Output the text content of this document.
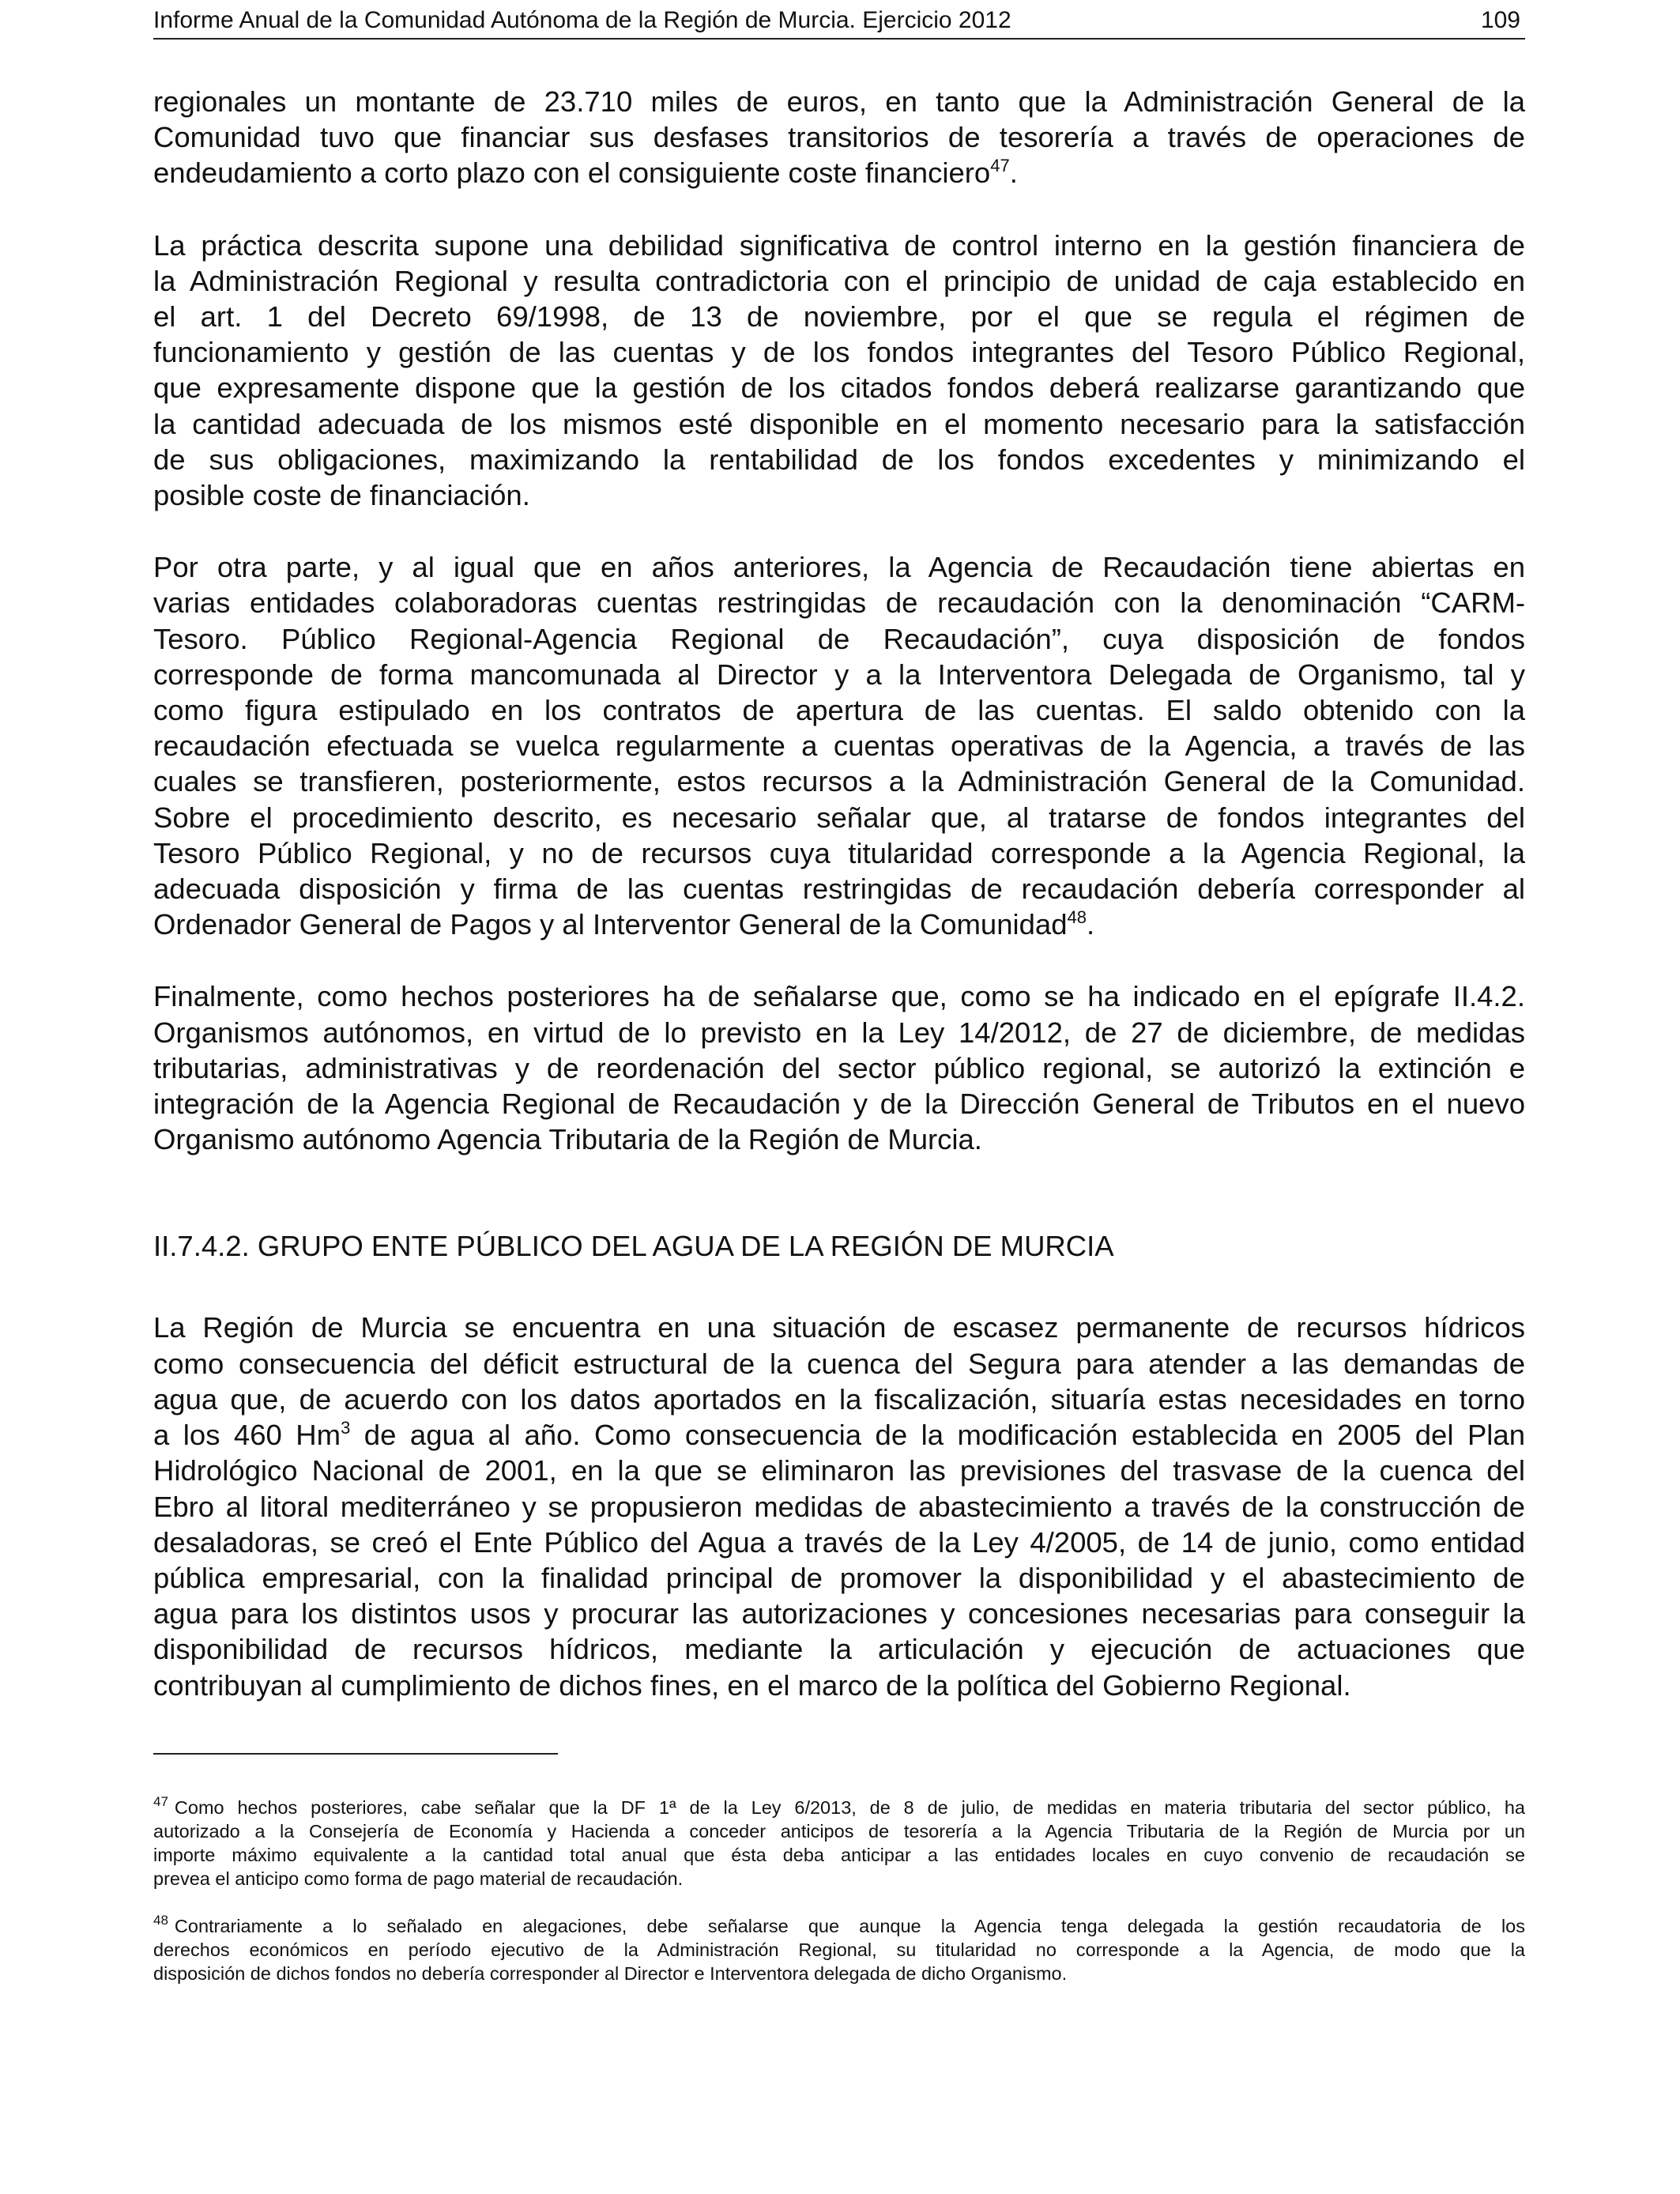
Informe Anual de la Comunidad Autónoma de la Región de Murcia. Ejercicio 2012	109
regionales un montante de 23.710 miles de euros, en tanto que la Administración General de la
Comunidad tuvo que financiar sus desfases transitorios de tesorería a través de operaciones de
endeudamiento a corto plazo con el consiguiente coste financiero$^{47}$.
La práctica descrita supone una debilidad significativa de control interno en la gestión financiera de
la Administración Regional y resulta contradictoria con el principio de unidad de caja establecido en
el art. 1 del Decreto 69/1998, de 13 de noviembre, por el que se regula el régimen de
funcionamiento y gestión de las cuentas y de los fondos integrantes del Tesoro Público Regional,
que expresamente dispone que la gestión de los citados fondos deberá realizarse garantizando que
la cantidad adecuada de los mismos esté disponible en el momento necesario para la satisfacción
de sus obligaciones, maximizando la rentabilidad de los fondos excedentes y minimizando el
posible coste de financiación.
Por otra parte, y al igual que en años anteriores, la Agencia de Recaudación tiene abiertas en
varias entidades colaboradoras cuentas restringidas de recaudación con la denominación “CARM-
Tesoro. Público Regional-Agencia Regional de Recaudación”, cuya disposición de fondos
corresponde de forma mancomunada al Director y a la Interventora Delegada de Organismo, tal y
como figura estipulado en los contratos de apertura de las cuentas. El saldo obtenido con la
recaudación efectuada se vuelca regularmente a cuentas operativas de la Agencia, a través de las
cuales se transfieren, posteriormente, estos recursos a la Administración General de la Comunidad.
Sobre el procedimiento descrito, es necesario señalar que, al tratarse de fondos integrantes del
Tesoro Público Regional, y no de recursos cuya titularidad corresponde a la Agencia Regional, la
adecuada disposición y firma de las cuentas restringidas de recaudación debería corresponder al
Ordenador General de Pagos y al Interventor General de la Comunidad$^{48}$.
Finalmente, como hechos posteriores ha de señalarse que, como se ha indicado en el epígrafe II.4.2.
Organismos autónomos, en virtud de lo previsto en la Ley 14/2012, de 27 de diciembre, de medidas
tributarias, administrativas y de reordenación del sector público regional, se autorizó la extinción e
integración de la Agencia Regional de Recaudación y de la Dirección General de Tributos en el nuevo
Organismo autónomo Agencia Tributaria de la Región de Murcia.
II.7.4.2. GRUPO ENTE PÚBLICO DEL AGUA DE LA REGIÓN DE MURCIA
La Región de Murcia se encuentra en una situación de escasez permanente de recursos hídricos
como consecuencia del déficit estructural de la cuenca del Segura para atender a las demandas de
agua que, de acuerdo con los datos aportados en la fiscalización, situaría estas necesidades en torno
a los 460 Hm$^3$ de agua al año. Como consecuencia de la modificación establecida en 2005 del Plan
Hidrológico Nacional de 2001, en la que se eliminaron las previsiones del trasvase de la cuenca del
Ebro al litoral mediterráneo y se propusieron medidas de abastecimiento a través de la construcción de
desaladoras, se creó el Ente Público del Agua a través de la Ley 4/2005, de 14 de junio, como entidad
pública empresarial, con la finalidad principal de promover la disponibilidad y el abastecimiento de
agua para los distintos usos y procurar las autorizaciones y concesiones necesarias para conseguir la
disponibilidad de recursos hídricos, mediante la articulación y ejecución de actuaciones que
contribuyan al cumplimiento de dichos fines, en el marco de la política del Gobierno Regional.
$^{47}$ Como hechos posteriores, cabe señalar que la DF 1ª de la Ley 6/2013, de 8 de julio, de medidas en materia tributaria del sector público, ha
autorizado a la Consejería de Economía y Hacienda a conceder anticipos de tesorería a la Agencia Tributaria de la Región de Murcia por un
importe máximo equivalente a la cantidad total anual que ésta deba anticipar a las entidades locales en cuyo convenio de recaudación se
prevea el anticipo como forma de pago material de recaudación.
$^{48}$ Contrariamente a lo señalado en alegaciones, debe señalarse que aunque la Agencia tenga delegada la gestión recaudatoria de los
derechos económicos en período ejecutivo de la Administración Regional, su titularidad no corresponde a la Agencia, de modo que la
disposición de dichos fondos no debería corresponder al Director e Interventora delegada de dicho Organismo.
